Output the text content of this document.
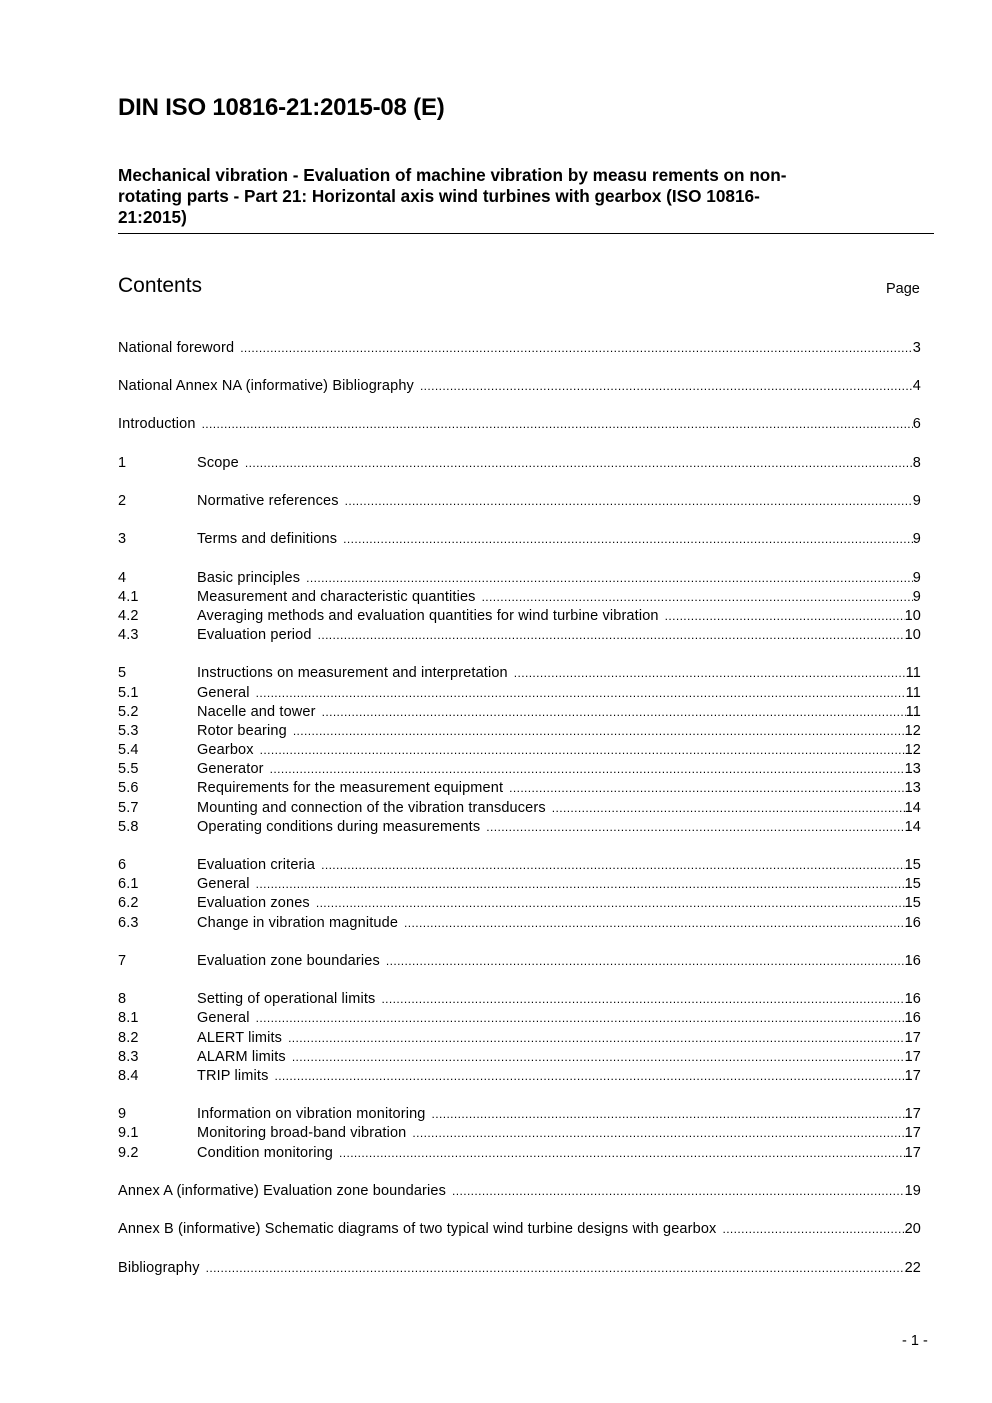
DIN ISO 10816-21:2015-08 (E)
Mechanical vibration - Evaluation of machine vibration by measu rements on non-
rotating parts - Part 21: Horizontal axis wind turbines with gearbox (ISO 10816-
21:2015)
Contents	Page
National foreword .....	3
National Annex NA (informative) Bibliography .....	4
Introduction .....	6
1	Scope .....	8
2	Normative references .....	9
3	Terms and definitions .....	9
4	Basic principles .....	9
4.1	Measurement and characteristic quantities .....	9
4.2	Averaging methods and evaluation quantities for wind turbine vibration .....	10
4.3	Evaluation period .....	10
5	Instructions on measurement and interpretation .....	11
5.1	General .....	11
5.2	Nacelle and tower .....	11
5.3	Rotor bearing .....	12
5.4	Gearbox .....	12
5.5	Generator .....	13
5.6	Requirements for the measurement equipment .....	13
5.7	Mounting and connection of the vibration transducers .....	14
5.8	Operating conditions during measurements .....	14
6	Evaluation criteria .....	15
6.1	General .....	15
6.2	Evaluation zones .....	15
6.3	Change in vibration magnitude .....	16
7	Evaluation zone boundaries .....	16
8	Setting of operational limits .....	16
8.1	General .....	16
8.2	ALERT limits .....	17
8.3	ALARM limits .....	17
8.4	TRIP limits .....	17
9	Information on vibration monitoring .....	17
9.1	Monitoring broad-band vibration .....	17
9.2	Condition monitoring .....	17
Annex A (informative) Evaluation zone boundaries .....	19
Annex B (informative) Schematic diagrams of two typical wind turbine designs with gearbox .....	20
Bibliography .....	22
- 1 -
